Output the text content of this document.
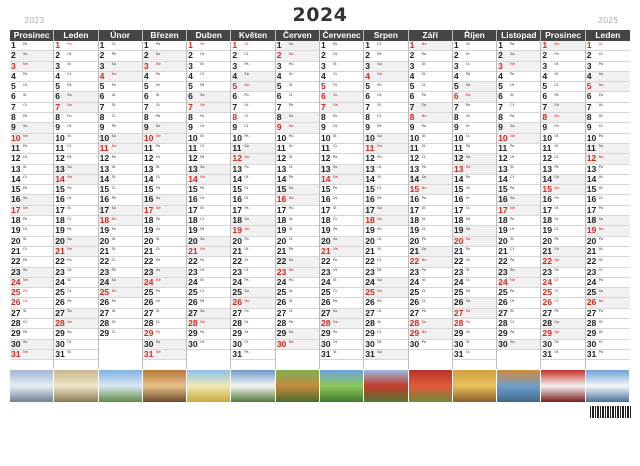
2023	2024	2025
Prosinec
1 Pá
2 So
3 Ne
4 Po
5 Út
6 St
7 Čt
8 Pá
9 So
10 Ne
11 Po
12 Út
13 St
14 Čt
15 Pá
16 So
17 Ne
18 Po
19 Út
20 St
21 Čt
22 Pá
23 So
24 Ne
25 Po
26 Út
27 St
28 Čt
29 Pá
30 So
31 Ne
Leden
1 Po
2 Út
3 St
4 Čt
5 Pá
6 So
7 Ne
8 Po
9 Út
10 St
11 Čt
12 Pá
13 So
14 Ne
15 Po
16 Út
17 St
18 Čt
19 Pá
20 So
21 Ne
22 Po
23 Út
24 St
25 Čt
26 Pá
27 So
28 Ne
29 Po
30 Út
31 St
Únor
1 Čt
2 Pá
3 So
4 Ne
5 Po
6 Út
7 St
8 Čt
9 Pá
10 So
11 Ne
12 Po
13 Út
14 St
15 Čt
16 Pá
17 So
18 Ne
19 Po
20 Út
21 St
22 Čt
23 Pá
24 So
25 Ne
26 Po
27 Út
28 St
29 Čt
Březen
1 Pá
2 So
3 Ne
4 Po
5 Út
6 St
7 Čt
8 Pá
9 So
10 Ne
11 Po
12 Út
13 St
14 Čt
15 Pá
16 So
17 Ne
18 Po
19 Út
20 St
21 Čt
22 Pá
23 So
24 Ne
25 Po
26 Út
27 St
28 Čt
29 Pá
30 So
31 Ne
Duben
1 Po
2 Út
3 St
4 Čt
5 Pá
6 So
7 Ne
8 Po
9 Út
10 St
11 Čt
12 Pá
13 So
14 Ne
15 Po
16 Út
17 St
18 Čt
19 Pá
20 So
21 Ne
22 Po
23 Út
24 St
25 Čt
26 Pá
27 So
28 Ne
29 Po
30 Út
Květen
1 St
2 Čt
3 Pá
4 So
5 Ne
6 Po
7 Út
8 St
9 Čt
10 Pá
11 So
12 Ne
13 Po
14 Út
15 St
16 Čt
17 Pá
18 So
19 Ne
20 Po
21 Út
22 St
23 Čt
24 Pá
25 So
26 Ne
27 Po
28 Út
29 St
30 Čt
31 Pá
Červen
1 So
2 Ne
3 Po
4 Út
5 St
6 Čt
7 Pá
8 So
9 Ne
10 Po
11 Út
12 St
13 Čt
14 Pá
15 So
16 Ne
17 Po
18 Út
19 St
20 Čt
21 Pá
22 So
23 Ne
24 Po
25 Út
26 St
27 Čt
28 Pá
29 So
30 Ne
Červenec
1 Po
2 Út
3 St
4 Čt
5 Pá
6 So
7 Ne
8 Po
9 Út
10 St
11 Čt
12 Pá
13 So
14 Ne
15 Po
16 Út
17 St
18 Čt
19 Pá
20 So
21 Ne
22 Po
23 Út
24 St
25 Čt
26 Pá
27 So
28 Ne
29 Po
30 Út
31 St
Srpen
1 Čt
2 Pá
3 So
4 Ne
5 Po
6 Út
7 St
8 Čt
9 Pá
10 So
11 Ne
12 Po
13 Út
14 St
15 Čt
16 Pá
17 So
18 Ne
19 Po
20 Út
21 St
22 Čt
23 Pá
24 So
25 Ne
26 Po
27 Út
28 St
29 Čt
30 Pá
31 So
Září
1 Ne
2 Po
3 Út
4 St
5 Čt
6 Pá
7 So
8 Ne
9 Po
10 Út
11 St
12 Čt
13 Pá
14 So
15 Ne
16 Po
17 Út
18 St
19 Čt
20 Pá
21 So
22 Ne
23 Po
24 Út
25 St
26 Čt
27 Pá
28 So
29 Ne
30 Po
Říjen
1 Út
2 St
3 Čt
4 Pá
5 So
6 Ne
7 Po
8 Út
9 St
10 Čt
11 Pá
12 So
13 Ne
14 Po
15 Út
16 St
17 Čt
18 Pá
19 So
20 Ne
21 Po
22 Út
23 St
24 Čt
25 Pá
26 So
27 Ne
28 Po
29 Út
30 St
31 Čt
Listopad
1 Pá
2 So
3 Ne
4 Po
5 Út
6 St
7 Čt
8 Pá
9 So
10 Ne
11 Po
12 Út
13 St
14 Čt
15 Pá
16 So
17 Ne
18 Po
19 Út
20 St
21 Čt
22 Pá
23 So
24 Ne
25 Po
26 Út
27 St
28 Čt
29 Pá
30 So
Prosinec
1 Ne
2 Po
3 Út
4 St
5 Čt
6 Pá
7 So
8 Ne
9 Po
10 Út
11 St
12 Čt
13 Pá
14 So
15 Ne
16 Po
17 Út
18 St
19 Čt
20 Pá
21 So
22 Ne
23 Po
24 Út
25 St
26 Čt
27 Pá
28 So
29 Ne
30 Po
31 Út
Leden
1 St
2 Čt
3 Pá
4 So
5 Ne
6 Po
7 Út
8 St
9 Čt
10 Pá
11 So
12 Ne
13 Po
14 Út
15 St
16 Čt
17 Pá
18 So
19 Ne
20 Po
21 Út
22 St
23 Čt
24 Pá
25 So
26 Ne
27 Po
28 Út
29 St
30 Čt
31 Pá
